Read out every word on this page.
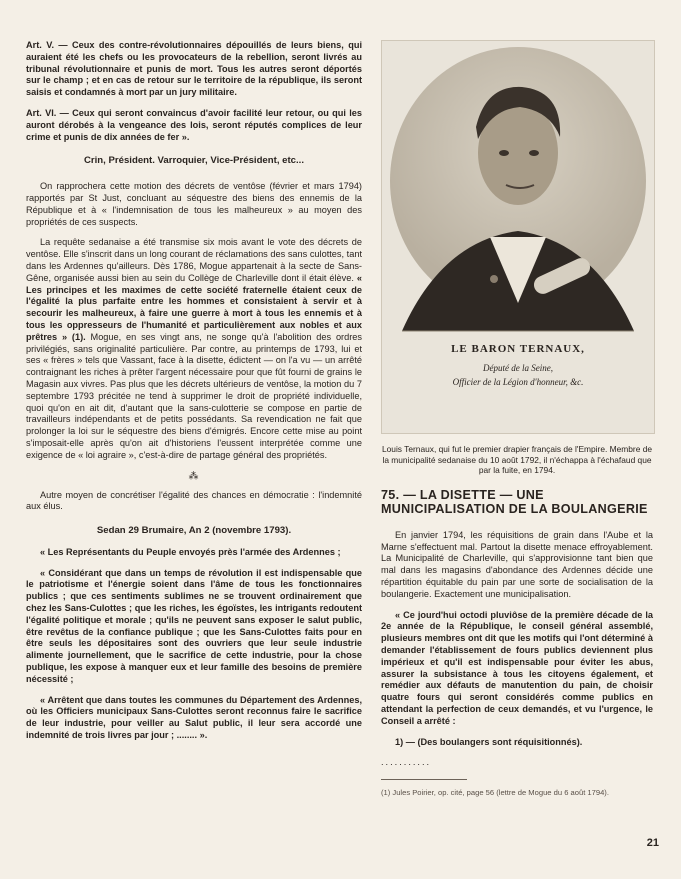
Art. V. — Ceux des contre-révolutionnaires dépouillés de leurs biens, qui auraient été les chefs ou les provocateurs de la rebellion, seront livrés au tribunal révolutionnaire et punis de mort. Tous les autres seront déportés sur le champ ; et en cas de retour sur le territoire de la république, ils seront saisis et condamnés à mort par un jury militaire.

Art. VI. — Ceux qui seront convaincus d'avoir facilité leur retour, ou qui les auront dérobés à la vengeance des lois, seront réputés complices de leur crime et punis de dix années de fer ».

Crin, Président. Varroquier, Vice-Président, etc...

On rapprochera cette motion des décrets de ventôse (février et mars 1794) rapportés par St Just, concluant au séquestre des biens des ennemis de la République et à « l'indemnisation de tous les malheureux » au moyen des propriétés de ces suspects.

La requête sedanaise a été transmise six mois avant le vote des décrets de ventôse. Elle s'inscrit dans un long courant de réclamations des sans culottes, tant dans les Ardennes qu'ailleurs. Dès 1786, Mogue appartenait à la secte de Sans-Gêne, organisée aussi bien au sein du Collège de Charleville dont il était élève. « Les principes et les maximes de cette société fraternelle étaient ceux de l'égalité la plus parfaite entre les hommes et consistaient à servir et à secourir les malheureux, à faire une guerre à mort à tous les ennemis et à tous les oppresseurs de l'humanité et particulièrement aux nobles et aux prêtres » (1). Mogue, en ses vingt ans, ne songe qu'à l'abolition des ordres privilégiés, sans originalité particulière. Par contre, au printemps de 1793, lui et ses « frères » tels que Vassant, face à la disette, édictent — on l'a vu — un arrêté contraignant les riches à prêter l'argent nécessaire pour que fût fourni de grains le Magasin aux vivres. Pas plus que les décrets ultérieurs de ventôse, la motion du 7 septembre 1793 précitée ne tend à supprimer le droit de propriété individuelle, quoi qu'on en ait dit, d'autant que la sans-culotterie se compose en partie de travailleurs indépendants et de petits possédants. Sa revendication ne fait que prolonger la loi sur le séquestre des biens d'émigrés. Encore cette mise au point s'imposait-elle après qu'on ait d'historiens l'eussent interprétée comme une exigence de « loi agraire », c'est-à-dire de partage général des propriétés.

⁂

Autre moyen de concrétiser l'égalité des chances en démocratie : l'indemnité aux élus.

Sedan 29 Brumaire, An 2 (novembre 1793).

« Les Représentants du Peuple envoyés près l'armée des Ardennes ;

« Considérant que dans un temps de révolution il est indispensable que le patriotisme et l'énergie soient dans l'âme de tous les fonctionnaires publics ; que ces sentiments sublimes ne se trouvent ordinairement que chez les Sans-Culottes ; que les riches, les égoïstes, les intrigants redoutent l'égalité politique et morale ; qu'ils ne peuvent sans exposer le salut public, être revêtus de la confiance publique ; que les Sans-Culottes faits pour en être seuls les dépositaires sont des ouvriers que leur seule industrie alimente journellement, que le sacrifice de cette industrie, pour la chose publique, les expose à manquer eux et leur famille des besoins de première nécessité ;

« Arrêtent que dans toutes les communes du Département des Ardennes, où les Officiers municipaux Sans-Culottes seront reconnus faire le sacrifice de leur industrie, pour veiller au Salut public, il leur sera accordé une indemnité de trois livres par jour ; ........ ».

LE BARON TERNAUX,
Député de la Seine,
Officier de la Légion d'honneur, &c.

Louis Ternaux, qui fut le premier drapier français de l'Empire. Membre de la municipalité sedanaise du 10 août 1792, il n'échappa à l'échafaud que par la fuite, en 1794.

75. — LA DISETTE — UNE MUNICIPALISATION DE LA BOULANGERIE

En janvier 1794, les réquisitions de grain dans l'Aube et la Marne s'effectuent mal. Partout la disette menace effroyablement. La Municipalité de Charleville, qui s'approvisionne tant bien que mal dans les magasins d'abondance des Ardennes décide une répartition équitable du pain par une sorte de socialisation de la boulangerie. Exactement une municipalisation.

« Ce jourd'hui octodi pluviôse de la première décade de la 2e année de la République, le conseil général assemblé, plusieurs membres ont dit que les motifs qui l'ont déterminé à demander l'établissement de fours publics deviennent plus impérieux et qu'il est indispensable pour éviter les abus, assurer la subsistance à tous les citoyens également, et remédier aux défauts de manutention du pain, de choisir quatre fours qui seront considérés comme publics en attendant la perfection de ceux demandés, et vu l'urgence, le Conseil a arrêté :

1) — (Des boulangers sont réquisitionnés).

...........

(1) Jules Poirier, op. cité, page 56 (lettre de Mogue du 6 août 1794).

21
